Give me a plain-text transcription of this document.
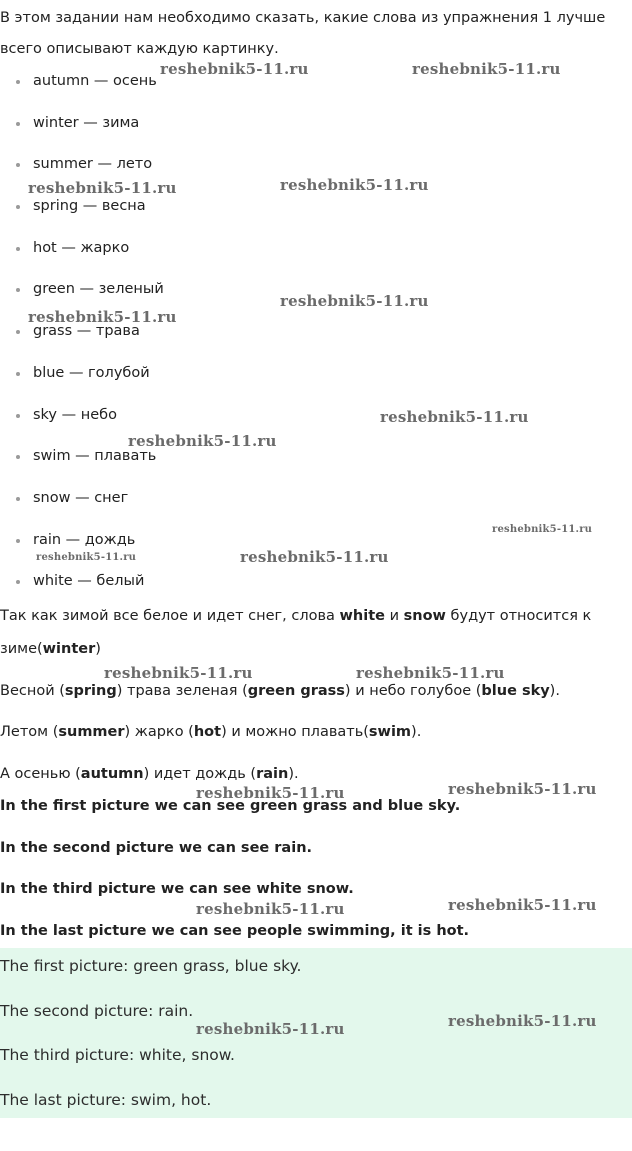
В этом задании нам необходимо сказать, какие слова из упражнения 1 лучше

всего описывают каждую картинку.

autumn — осень
winter — зима
summer — лето
spring — весна
hot — жарко
green — зеленый
grass — трава
blue — голубой
sky — небо
swim — плавать
snow — снег
rain — дождь
white — белый

Так как зимой все белое и идет снег, слова white и snow будут относится к

зиме(winter)

Весной (spring) трава зеленая (green grass) и небо голубое (blue sky).

Летом (summer) жарко (hot) и можно плавать(swim).

А осенью (autumn) идет дождь (rain).

In the first picture we can see green grass and blue sky.

In the second picture we can see rain.

In the third picture we can see white snow.

In the last picture we can see people swimming, it is hot.

The first picture: green grass, blue sky.

The second picture: rain.

The third picture: white, snow.

The last picture: swim, hot.

reshebnik5-11.ru	reshebnik5-11.ru
reshebnik5-11.ru	reshebnik5-11.ru
reshebnik5-11.ru
reshebnik5-11.ru
reshebnik5-11.ru
reshebnik5-11.ru
reshebnik5-11.ru
reshebnik5-11.ru	reshebnik5-11.ru
reshebnik5-11.ru	reshebnik5-11.ru
reshebnik5-11.ru	reshebnik5-11.ru
reshebnik5-11.ru	reshebnik5-11.ru
reshebnik5-11.ru	reshebnik5-11.ru
